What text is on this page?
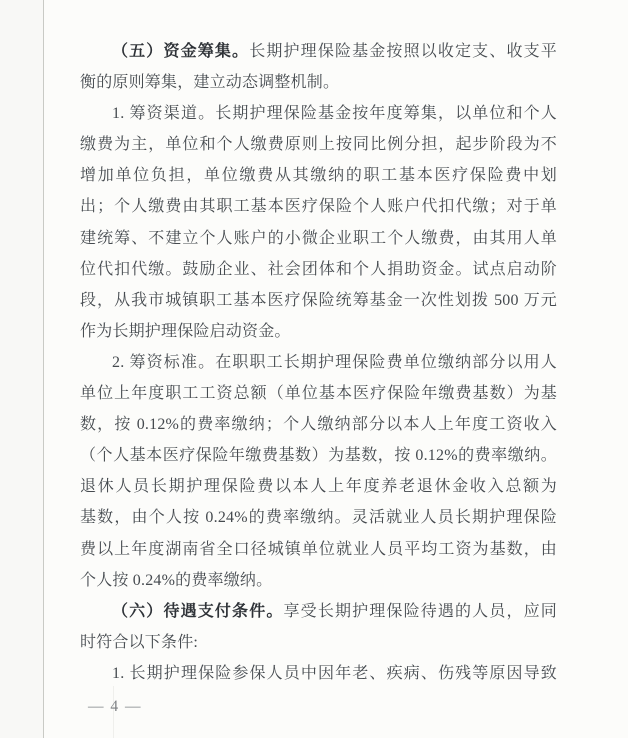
（五）资金筹集。长期护理保险基金按照以收定支、收支平
衡的原则筹集，建立动态调整机制。
1. 筹资渠道。长期护理保险基金按年度筹集，以单位和个人
缴费为主，单位和个人缴费原则上按同比例分担，起步阶段为不
增加单位负担，单位缴费从其缴纳的职工基本医疗保险费中划
出；个人缴费由其职工基本医疗保险个人账户代扣代缴；对于单
建统筹、不建立个人账户的小微企业职工个人缴费，由其用人单
位代扣代缴。鼓励企业、社会团体和个人捐助资金。试点启动阶
段，从我市城镇职工基本医疗保险统筹基金一次性划拨 500 万元
作为长期护理保险启动资金。
2. 筹资标准。在职职工长期护理保险费单位缴纳部分以用人
单位上年度职工工资总额（单位基本医疗保险年缴费基数）为基
数，按 0.12%的费率缴纳；个人缴纳部分以本人上年度工资收入
（个人基本医疗保险年缴费基数）为基数，按 0.12%的费率缴纳。
退休人员长期护理保险费以本人上年度养老退休金收入总额为
基数，由个人按 0.24%的费率缴纳。灵活就业人员长期护理保险
费以上年度湖南省全口径城镇单位就业人员平均工资为基数，由
个人按 0.24%的费率缴纳。
（六）待遇支付条件。享受长期护理保险待遇的人员，应同
时符合以下条件:
1. 长期护理保险参保人员中因年老、疾病、伤残等原因导致
— 4 —
